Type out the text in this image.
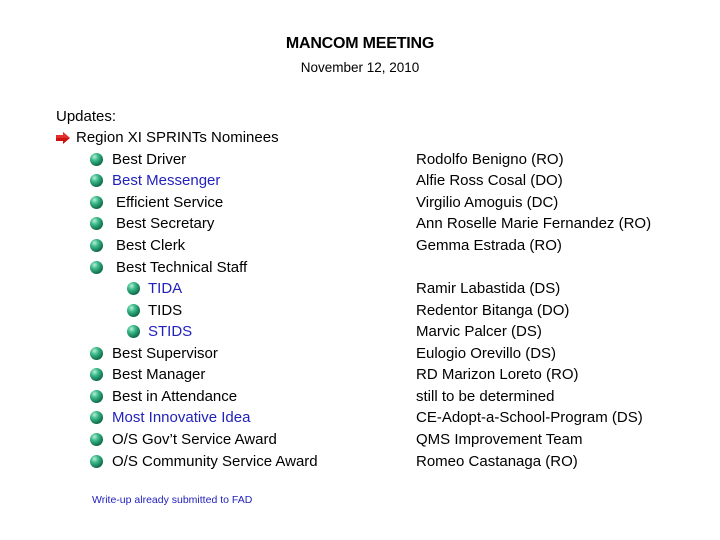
MANCOM MEETING
November 12, 2010
Updates:
Region XI SPRINTs Nominees
Best Driver	Rodolfo Benigno (RO)
Best Messenger	Alfie Ross Cosal (DO)
Efficient Service	Virgilio Amoguis (DC)
Best Secretary	Ann Roselle Marie Fernandez (RO)
Best Clerk	Gemma Estrada (RO)
Best Technical Staff
TIDA	Ramir Labastida (DS)
TIDS	Redentor Bitanga (DO)
STIDS	Marvic Palcer (DS)
Best Supervisor	Eulogio Orevillo (DS)
Best Manager	RD Marizon Loreto (RO)
Best in Attendance	still to be determined
Most Innovative Idea	CE-Adopt-a-School-Program (DS)
O/S Gov’t Service Award	QMS Improvement Team
O/S Community Service Award	Romeo Castanaga (RO)
Write-up already submitted to FAD
